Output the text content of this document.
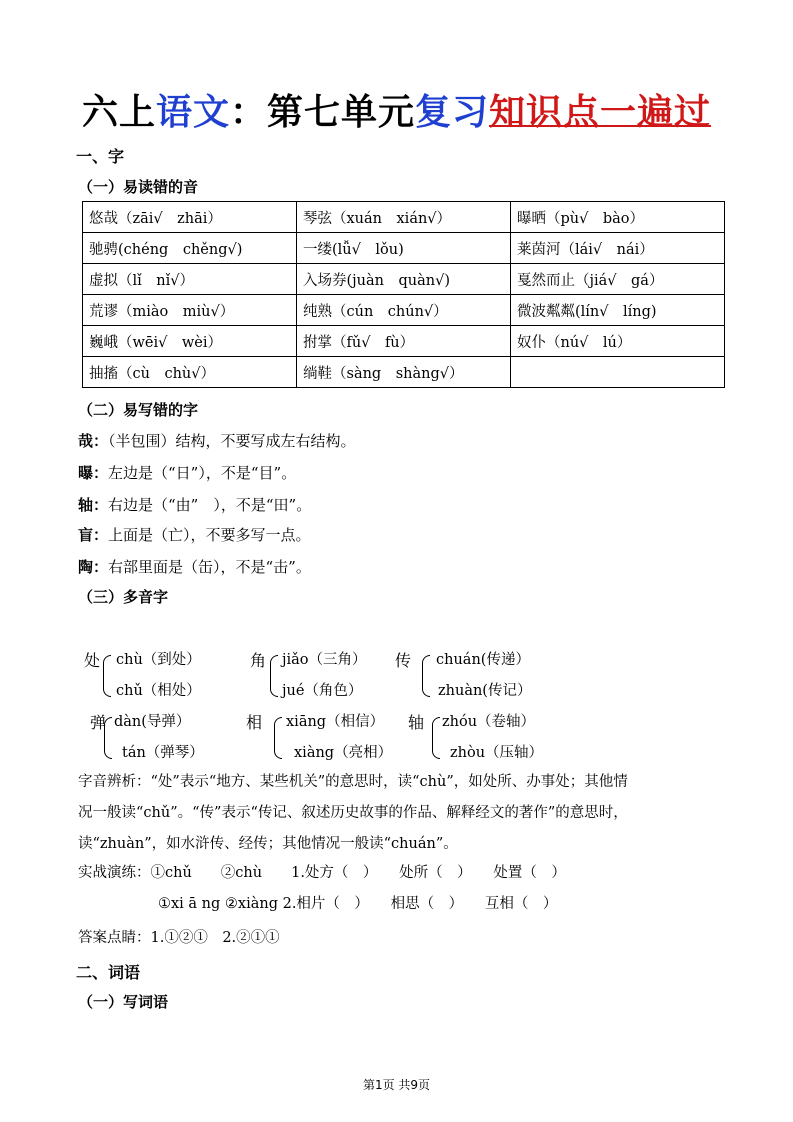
六上语文：第七单元复习知识点一遍过
一、字
（一）易读错的音
悠哉（zāi√　zhāi）	琴弦（xuán　xián√）	曝晒（pù√　bào）
驰骋(chéng　chěng√)	一缕(lǚ√　lǒu)	莱茵河（lái√　nái）
虚拟（lǐ　nǐ√）	入场券(juàn　quàn√)	戛然而止（jiá√　gá）
荒谬（miào　miù√）	纯熟（cún　chún√）	微波粼粼(lín√　líng)
巍峨（wēi√　wèi）	拊掌（fǔ√　fù）	奴仆（nú√　lú）
抽搐（cù　chù√）	绱鞋（sàng　shàng√）	
（二）易写错的字
哉：（半包围）结构，不要写成左右结构。
曝：左边是（“日”），不是“目”。
轴：右边是（“由”　），不是“田”。
盲：上面是（亡），不要多写一点。
陶：右部里面是（缶），不是“击”。
（三）多音字
处 chù（到处）
chǔ（相处）
角 jiǎo（三角）
jué（角色）
传 chuán(传递）
zhuàn(传记）
弹 dàn(导弹）
tán（弹琴）
相 xiāng（相信）
xiàng（亮相）
轴 zhóu（卷轴）
zhòu（压轴）
字音辨析：“处”表示“地方、某些机关”的意思时，读“chù”，如处所、办事处；其他情
况一般读“chǔ”。“传”表示“传记、叙述历史故事的作品、解释经文的著作”的意思时，
读“zhuàn”，如水浒传、经传；其他情况一般读“chuán”。
实战演练：①chǔ　　②chù　　1.处方（　）　　处所（　）　　处置（　）
①xi ā ng ②xiàng 2.相片（　）　　相思（　）　　互相（　）
答案点睛：1.①②①　2.②①①
二、词语
（一）写词语
第1页 共9页
